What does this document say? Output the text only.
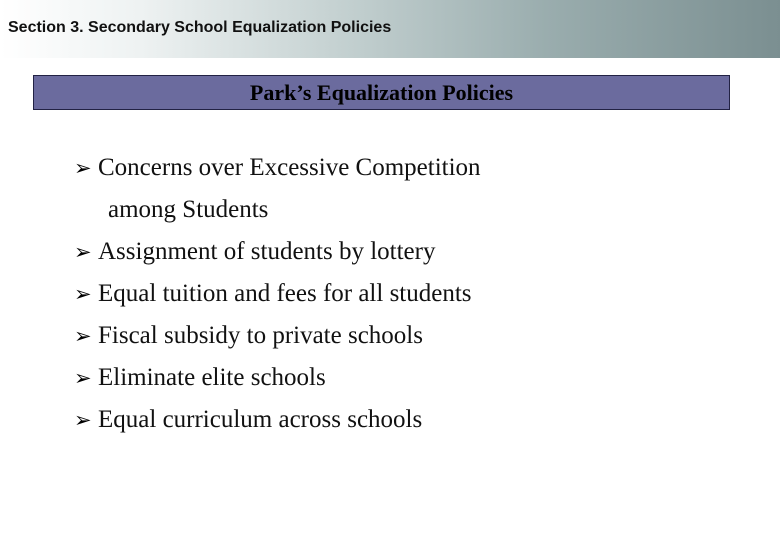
Section 3. Secondary School Equalization Policies
Park’s Equalization Policies
➢ Concerns over Excessive Competition
among Students
➢ Assignment of students by lottery
➢ Equal tuition and fees for all students
➢ Fiscal subsidy to private schools
➢ Eliminate elite schools
➢ Equal curriculum across schools
